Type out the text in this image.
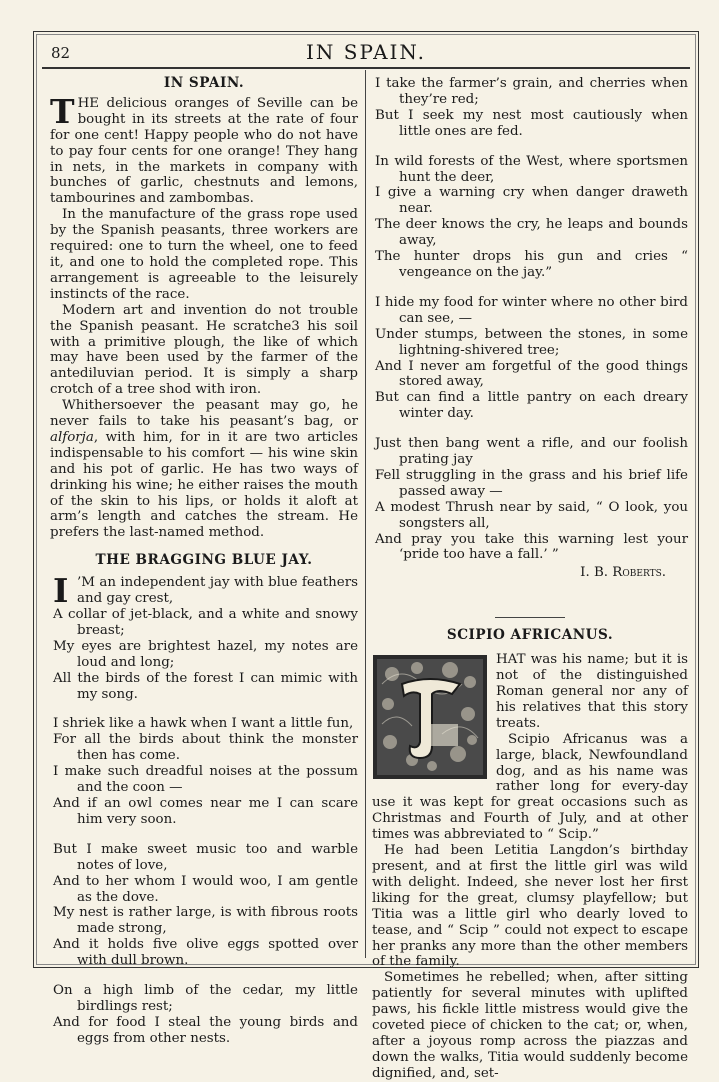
82	IN SPAIN.
IN SPAIN.

THE delicious oranges of Seville can be bought in its streets at the rate of four for one cent! Happy people who do not have to pay four cents for one orange! They hang in nets, in the markets in company with bunches of garlic, chestnuts and lemons, tambourines and zambombas.

In the manufacture of the grass rope used by the Spanish peasants, three workers are required: one to turn the wheel, one to feed it, and one to hold the completed rope. This arrangement is agreeable to the leisurely instincts of the race.

Modern art and invention do not trouble the Spanish peasant. He scratche3 his soil with a primitive plough, the like of which may have been used by the farmer of the antediluvian period. It is simply a sharp crotch of a tree shod with iron.

Whithersoever the peasant may go, he never fails to take his peasant’s bag, or alforja, with him, for in it are two articles indispensable to his comfort — his wine skin and his pot of garlic. He has two ways of drinking his wine; he either raises the mouth of the skin to his lips, or holds it aloft at arm’s length and catches the stream. He prefers the last-named method.

THE BRAGGING BLUE JAY.
I ’M an independent jay with blue feathers and gay crest,
A collar of jet-black, and a white and snowy breast;
My eyes are brightest hazel, my notes are loud and long;
All the birds of the forest I can mimic with my song.
I shriek like a hawk when I want a little fun,
For all the birds about think the monster then has come.
I make such dreadful noises at the possum and the coon —
And if an owl comes near me I can scare him very soon.
But I make sweet music too and warble notes of love,
And to her whom I would woo, I am gentle as the dove.
My nest is rather large, is with fibrous roots made strong,
And it holds five olive eggs spotted over with dull brown.
On a high limb of the cedar, my little birdlings rest;
And for food I steal the young birds and eggs from other nests.
I take the farmer’s grain, and cherries when they’re red;
But I seek my nest most cautiously when little ones are fed.
In wild forests of the West, where sportsmen hunt the deer,
I give a warning cry when danger draweth near.
The deer knows the cry, he leaps and bounds away,
The hunter drops his gun and cries “ vengeance on the jay.”
I hide my food for winter where no other bird can see, —
Under stumps, between the stones, in some lightning-shivered tree;
And I never am forgetful of the good things stored away,
But can find a little pantry on each dreary winter day.
Just then bang went a rifle, and our foolish prating jay
Fell struggling in the grass and his brief life passed away —
A modest Thrush near by said, “ O look, you songsters all,
And pray you take this warning lest your ‘pride too have a fall.’ ”
I. B. Roberts.
SCIPIO AFRICANUS.

HAT was his name; but it is not of the distinguished Roman general nor any of his relatives that this story treats.

Scipio Africanus was a large, black, Newfoundland dog, and as his name was rather long for every-day use it was kept for great occasions such as Christmas and Fourth of July, and at other times was abbreviated to “ Scip.”

He had been Letitia Langdon’s birthday present, and at first the little girl was wild with delight. Indeed, she never lost her first liking for the great, clumsy playfellow; but Titia was a little girl who dearly loved to tease, and “ Scip ” could not expect to escape her pranks any more than the other members of the family.

Sometimes he rebelled; when, after sitting patiently for several minutes with uplifted paws, his fickle little mistress would give the coveted piece of chicken to the cat; or, when, after a joyous romp across the piazzas and down the walks, Titia would suddenly become dignified, and, set-
